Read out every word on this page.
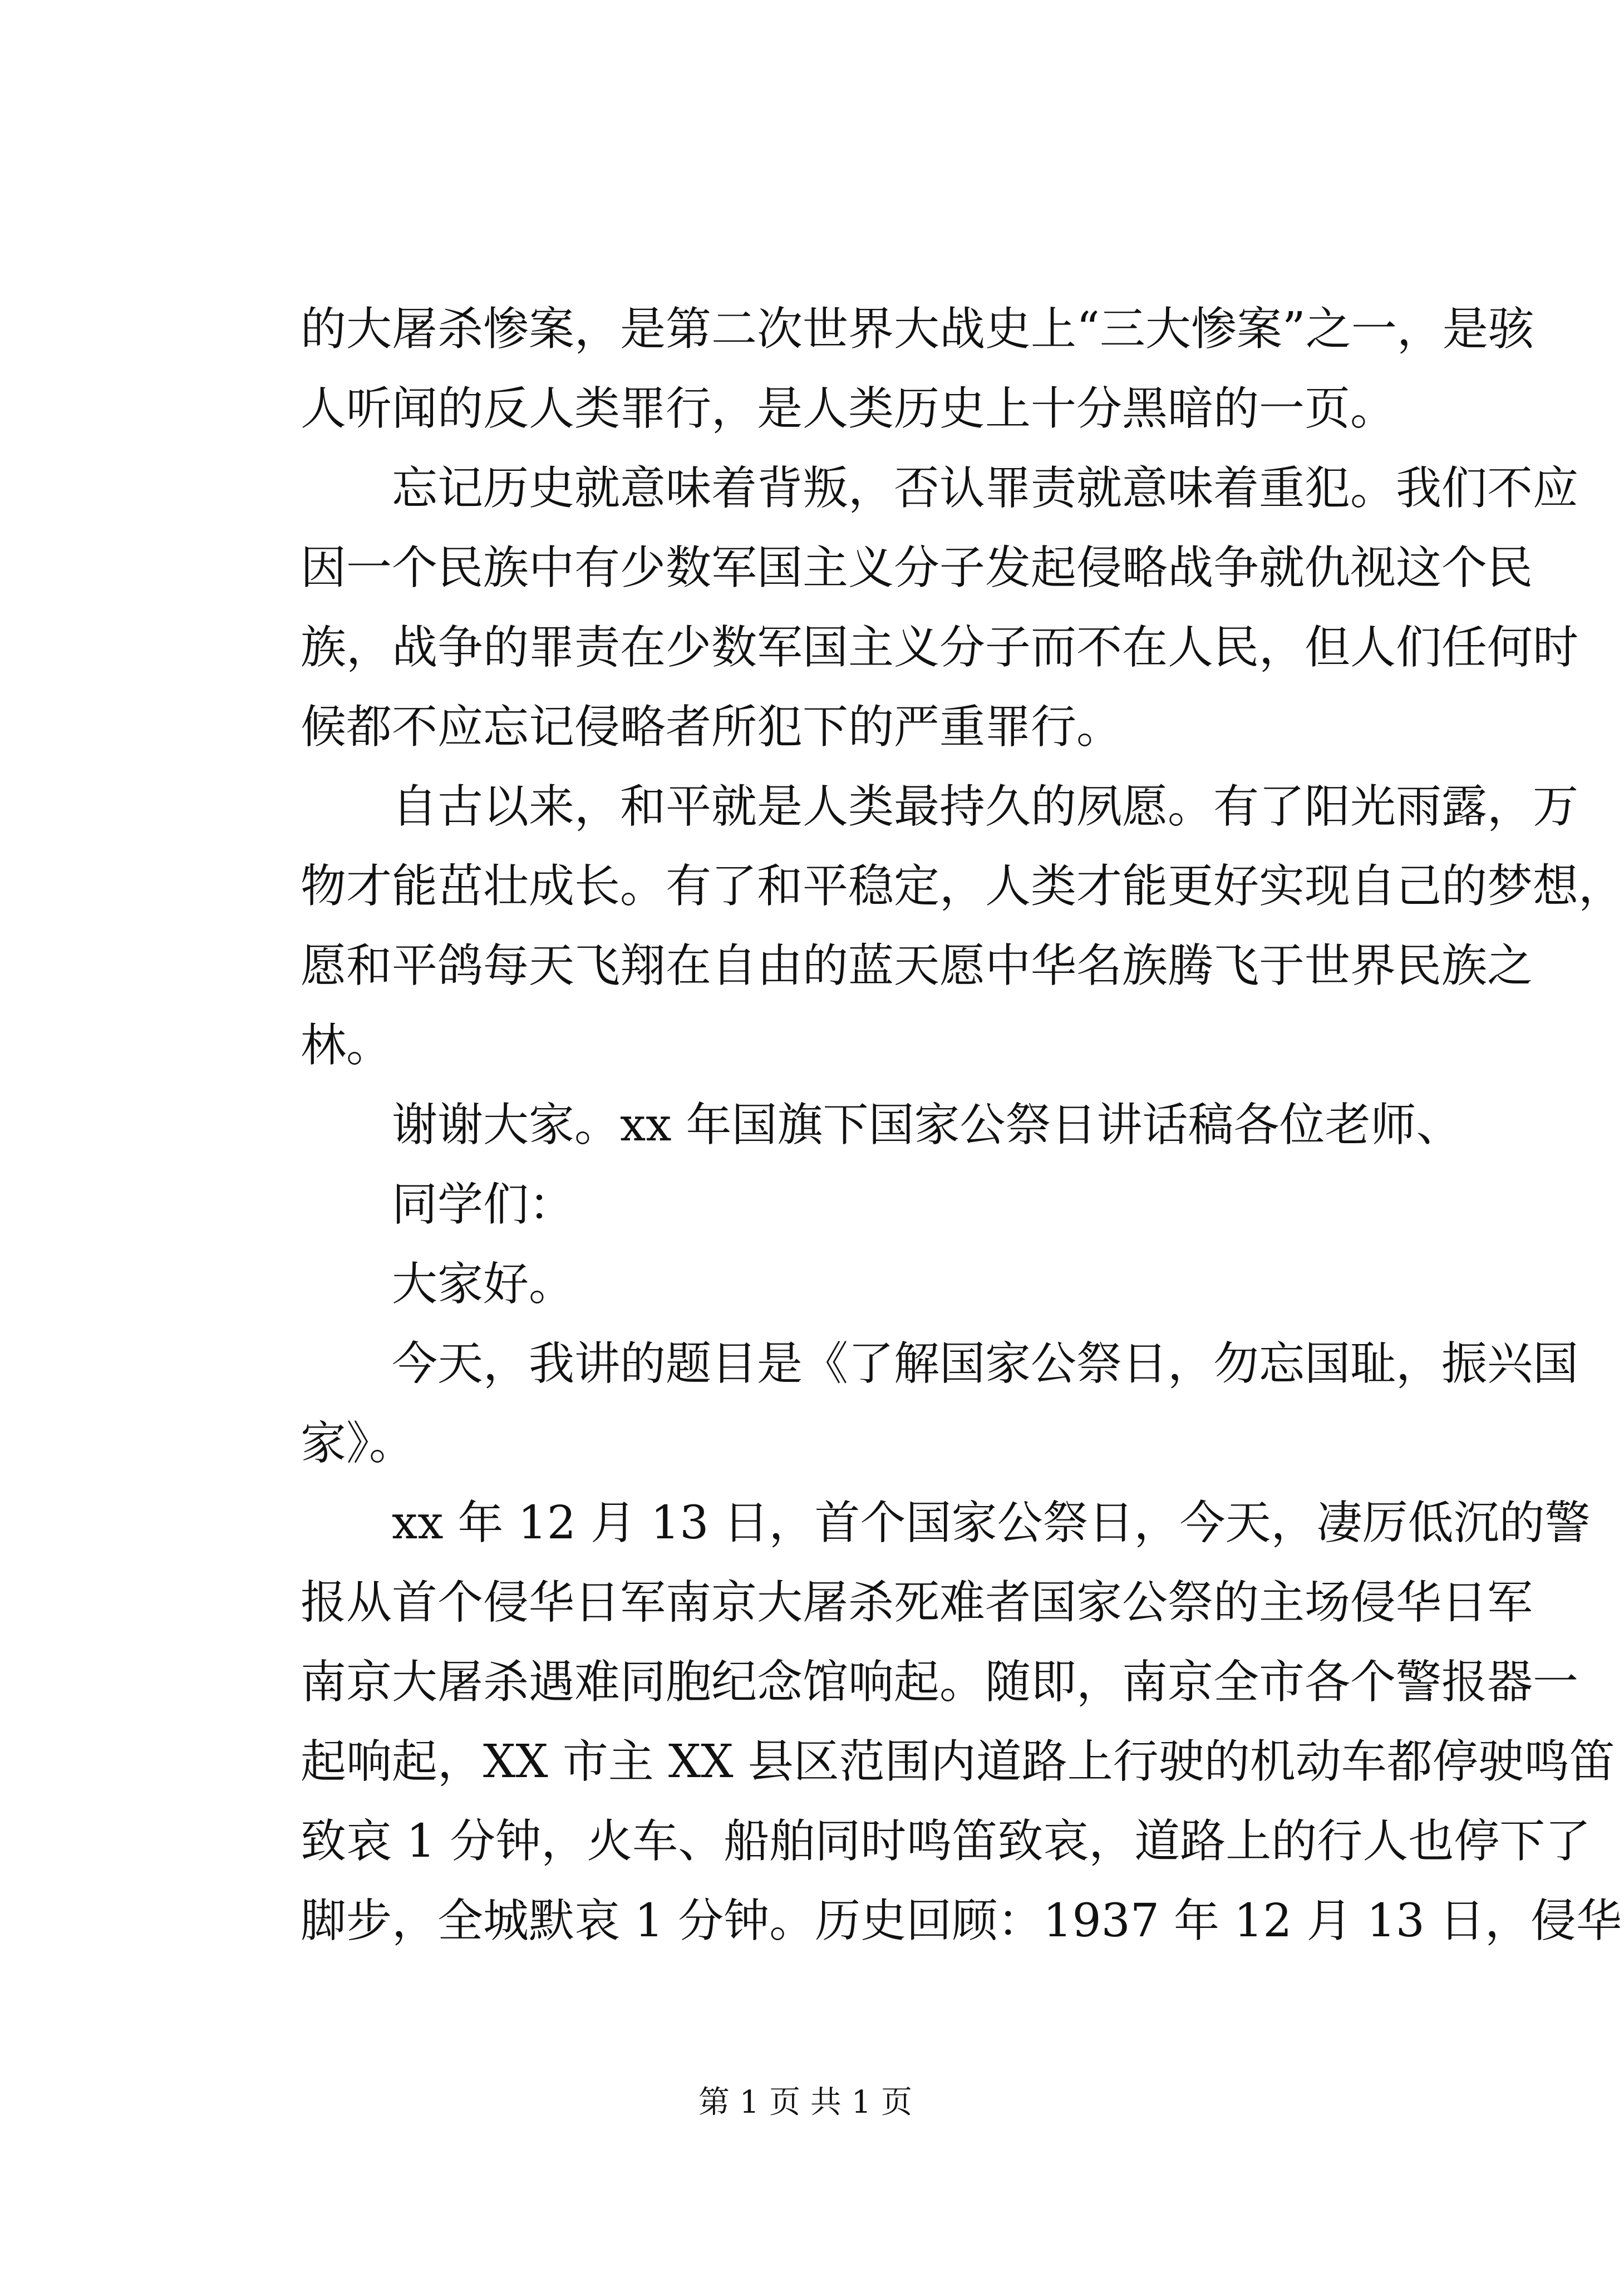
的大屠杀惨案，是第二次世界大战史上“三大惨案”之一，是骇
人听闻的反人类罪行，是人类历史上十分黑暗的一页。
忘记历史就意味着背叛，否认罪责就意味着重犯。我们不应
因一个民族中有少数军国主义分子发起侵略战争就仇视这个民
族，战争的罪责在少数军国主义分子而不在人民，但人们任何时
候都不应忘记侵略者所犯下的严重罪行。
自古以来，和平就是人类最持久的夙愿。有了阳光雨露，万
物才能茁壮成长。有了和平稳定，人类才能更好实现自己的梦想，
愿和平鸽每天飞翔在自由的蓝天愿中华名族腾飞于世界民族之
林。
谢谢大家。xx 年国旗下国家公祭日讲话稿各位老师、
同学们：
大家好。
今天，我讲的题目是《了解国家公祭日，勿忘国耻，振兴国
家》。
xx 年 12 月 13 日，首个国家公祭日，今天，凄厉低沉的警
报从首个侵华日军南京大屠杀死难者国家公祭的主场侵华日军
南京大屠杀遇难同胞纪念馆响起。随即，南京全市各个警报器一
起响起，XX 市主 XX 县区范围内道路上行驶的机动车都停驶鸣笛
致哀 1 分钟，火车、船舶同时鸣笛致哀，道路上的行人也停下了
脚步，全城默哀 1 分钟。历史回顾：1937 年 12 月 13 日，侵华
第 1 页 共 1 页
